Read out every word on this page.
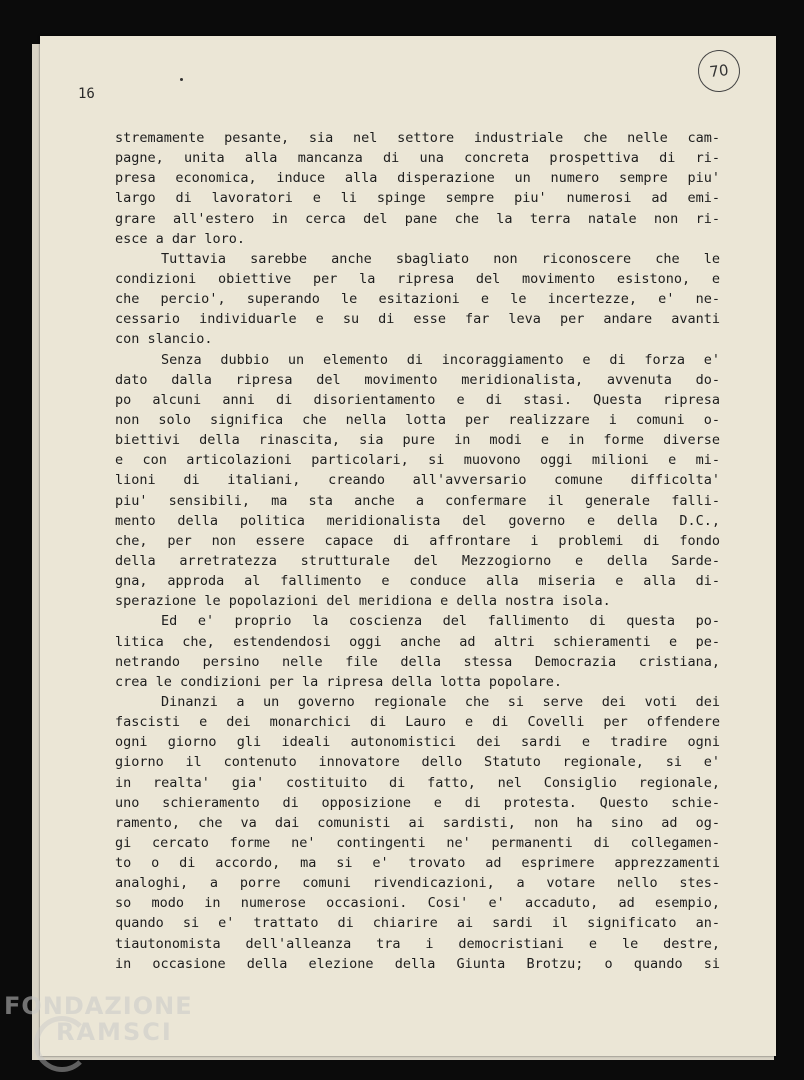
16
70
stremamente pesante, sia nel settore industriale che nelle cam-
pagne, unita alla mancanza di una concreta prospettiva di ri-
presa economica, induce alla disperazione un numero sempre piu'
largo di lavoratori e li spinge sempre piu' numerosi ad emi-
grare all'estero in cerca del pane che la terra natale non ri-
esce a dar loro.
Tuttavia sarebbe anche sbagliato non riconoscere che le
condizioni obiettive per la ripresa del movimento esistono, e
che percio', superando le esitazioni e le incertezze, e' ne-
cessario individuarle e su di esse far leva per andare avanti
con slancio.
Senza dubbio un elemento di incoraggiamento e di forza e'
dato dalla ripresa del movimento meridionalista, avvenuta do-
po alcuni anni di disorientamento e di stasi. Questa ripresa
non solo significa che nella lotta per realizzare i comuni o-
biettivi della rinascita, sia pure in modi e in forme diverse
e con articolazioni particolari, si muovono oggi milioni e mi-
lioni di italiani, creando all'avversario comune difficolta'
piu' sensibili, ma sta anche a confermare il generale falli-
mento della politica meridionalista del governo e della D.C.,
che, per non essere capace di affrontare i problemi di fondo
della arretratezza strutturale del Mezzogiorno e della Sarde-
gna, approda al fallimento e conduce alla miseria e alla di-
sperazione le popolazioni del meridiona e della nostra isola.
Ed e' proprio la coscienza del fallimento di questa po-
litica che, estendendosi oggi anche ad altri schieramenti e pe-
netrando persino nelle file della stessa Democrazia cristiana,
crea le condizioni per la ripresa della lotta popolare.
Dinanzi a un governo regionale che si serve dei voti dei
fascisti e dei monarchici di Lauro e di Covelli per offendere
ogni giorno gli ideali autonomistici dei sardi e tradire ogni
giorno il contenuto innovatore dello Statuto regionale, si e'
in realta' gia' costituito di fatto, nel Consiglio regionale,
uno schieramento di opposizione e di protesta. Questo schie-
ramento, che va dai comunisti ai sardisti, non ha sino ad og-
gi cercato forme ne' contingenti ne' permanenti di collegamen-
to o di accordo, ma si e' trovato ad esprimere apprezzamenti
analoghi, a porre comuni rivendicazioni, a votare nello stes-
so modo in numerose occasioni. Cosi' e' accaduto, ad esempio,
quando si e' trattato di chiarire ai sardi il significato an-
tiautonomista dell'alleanza tra i democristiani e le destre,
in occasione della elezione della Giunta Brotzu; o quando si
FONDAZIONE
RAMSCI
